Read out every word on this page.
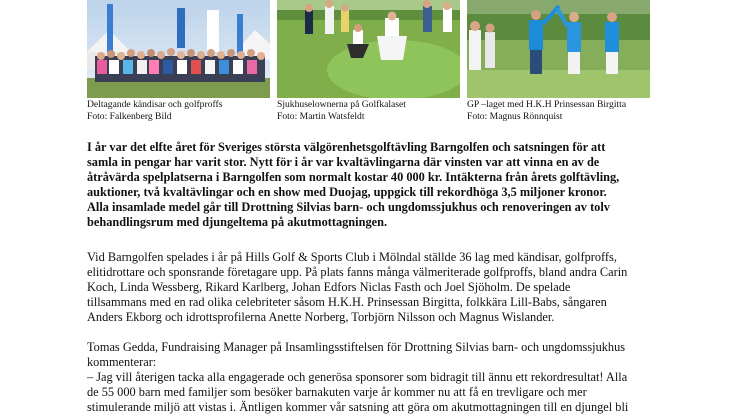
Deltagande kändisar och golfproffs
Foto: Falkenberg Bild
Sjukhuselownerna på Golfkalaset
Foto: Martin Watsfeldt
GP –laget med H.K.H Prinsessan Birgitta
Foto: Magnus Rönnquist

I år var det elfte året för Sveriges största välgörenhetsgolftävling Barngolfen och satsningen för att

samla in pengar har varit stor. Nytt för i år var kvaltävlingarna där vinsten var att vinna en av de

åtråvärda spelplatserna i Barngolfen som normalt kostar 40 000 kr. Intäkterna från årets golftävling,

auktioner, två kvaltävlingar och en show med Duojag, uppgick till rekordhöga 3,5 miljoner kronor.

Alla insamlade medel går till Drottning Silvias barn- och ungdomssjukhus och renoveringen av tolv

behandlingsrum med djungeltema på akutmottagningen.

Vid Barngolfen spelades i år på Hills Golf & Sports Club i Mölndal ställde 36 lag med kändisar, golfproffs,

elitidrottare och sponsrande företagare upp. På plats fanns många välmeriterade golfproffs, bland andra Carin

Koch, Linda Wessberg, Rikard Karlberg, Johan Edfors Niclas Fasth och Joel Sjöholm. De spelade

tillsammans med en rad olika celebriteter såsom H.K.H. Prinsessan Birgitta, folkkära Lill-Babs, sångaren

Anders Ekborg och idrottsprofilerna Anette Norberg, Torbjörn Nilsson och Magnus Wislander.

Tomas Gedda, Fundraising Manager på Insamlingsstiftelsen för Drottning Silvias barn- och ungdomssjukhus

kommenterar:

– Jag vill återigen tacka alla engagerade och generösa sponsorer som bidragit till ännu ett rekordresultat! Alla

de 55 000 barn med familjer som besöker barnakuten varje år kommer nu att få en trevligare och mer

stimulerande miljö att vistas i. Äntligen kommer vår satsning att göra om akutmottagningen till en djungel bli
